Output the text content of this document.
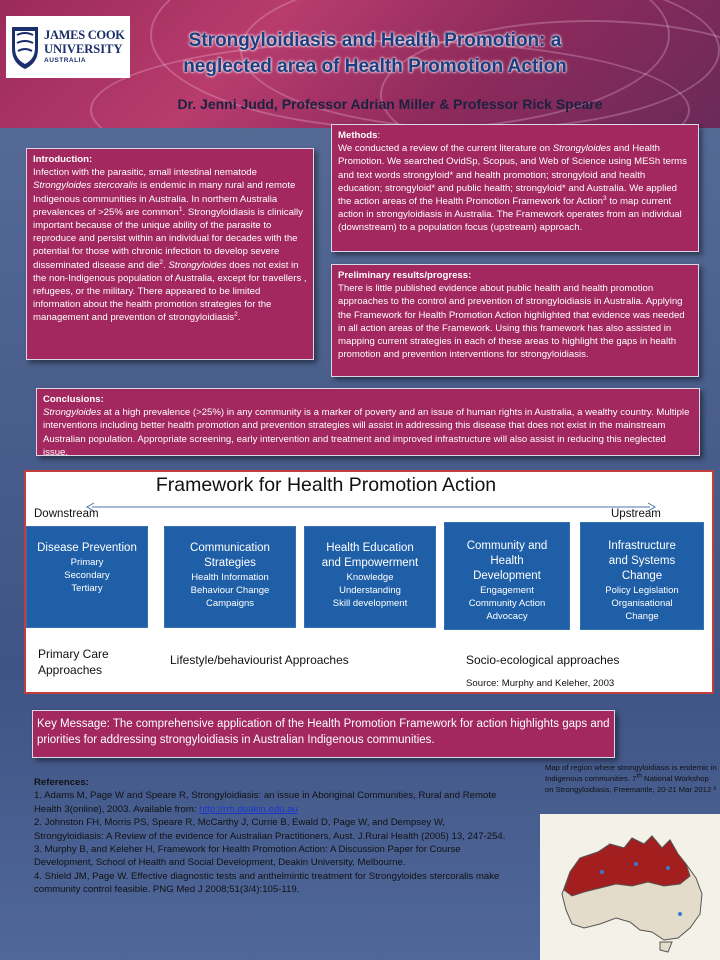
JAMES COOK
UNIVERSITY
AUSTRALIA
Strongyloidiasis and Health Promotion: a
neglected area of Health Promotion Action
Dr. Jenni Judd, Professor Adrian Miller & Professor Rick Speare
Introduction:
Infection with the parasitic, small intestinal nematode Strongyloides stercoralis is endemic in many rural and remote Indigenous communities in Australia. In northern Australia prevalences of >25% are common$^1$. Strongyloidiasis is clinically important because of the unique ability of the parasite to reproduce and persist within an individual for decades with the potential for those with chronic infection to develop severe disseminated disease and die$^2$. Strongyloides does not exist in the non-Indigenous population of Australia, except for travellers , refugees, or the military. There appeared to be limited information about the health promotion strategies for the management and prevention of strongyloidiasis$^2$.
Methods:
We conducted a review of the current literature on Strongyloides and Health Promotion. We searched OvidSp, Scopus, and Web of Science using MESh terms and text words strongyloid* and health promotion; strongyloid and health education; strongyloid* and public health; strongyloid* and Australia. We applied the action areas of the Health Promotion Framework for Action$^3$ to map current action in strongyloidiasis in Australia. The Framework operates from an individual (downstream) to a population focus (upstream) approach.
Preliminary results/progress:
There is little published evidence about public health and health promotion approaches to the control and prevention of strongyloidiasis in Australia. Applying the Framework for Health Promotion Action highlighted that evidence was needed in all action areas of the Framework. Using this framework has also assisted in mapping current strategies in each of these areas to highlight the gaps in health promotion and prevention interventions for strongyloidiasis.
Conclusions:
Strongyloides at a high prevalence (>25%) in any community is a marker of poverty and an issue of human rights in Australia, a wealthy country. Multiple interventions including better health promotion and prevention strategies will assist in addressing this disease that does not exist in the mainstream Australian population. Appropriate screening, early intervention and treatment and improved infrastructure will also assist in reducing this neglected issue.
Framework for Health Promotion Action
Downstream	Upstream
Disease Prevention
Primary
Secondary
Tertiary
Communication
Strategies
Health Information
Behaviour Change
Campaigns
Health Education
and Empowerment
Knowledge
Understanding
Skill development
Community and
Health
Development
Engagement
Community Action
Advocacy
Infrastructure
and Systems
Change
Policy Legislation
Organisational
Change
Primary Care
Approaches
Lifestyle/behaviourist Approaches	Socio-ecological approaches
Source: Murphy and Keleher, 2003
Key Message: The comprehensive application of the Health Promotion Framework for action highlights gaps and priorities for addressing strongyloidiasis in Australian Indigenous communities.
References:
1. Adams M, Page W and Speare R, Strongyloidiasis: an issue in Aboriginal Communities, Rural and Remote Health 3(online), 2003. Available from: http://rrh.deakin.edu.au
2. Johnston FH, Morris PS, Speare R, McCarthy J, Currie B, Ewald D, Page W, and Dempsey W, Strongyloidiasis: A Review of the evidence for Australian Practitioners, Aust. J.Rural Health (2005) 13, 247-254.
3. Murphy B, and Keleher H, Framework for Health Promotion Action: A Discussion Paper for Course Development, School of Health and Social Development, Deakin University, Melbourne.
4. Shield JM, Page W. Effective diagnostic tests and anthelmintic treatment for Strongyloides stercoralis make community control feasible. PNG Med J 2008;51(3/4):105-119.
Map of region where strongyloidiasis is endemic in Indigenous communities. 7th National Workshop on Strongyloidiasis, Freemantle, 20-21 Mar 2012 ³
